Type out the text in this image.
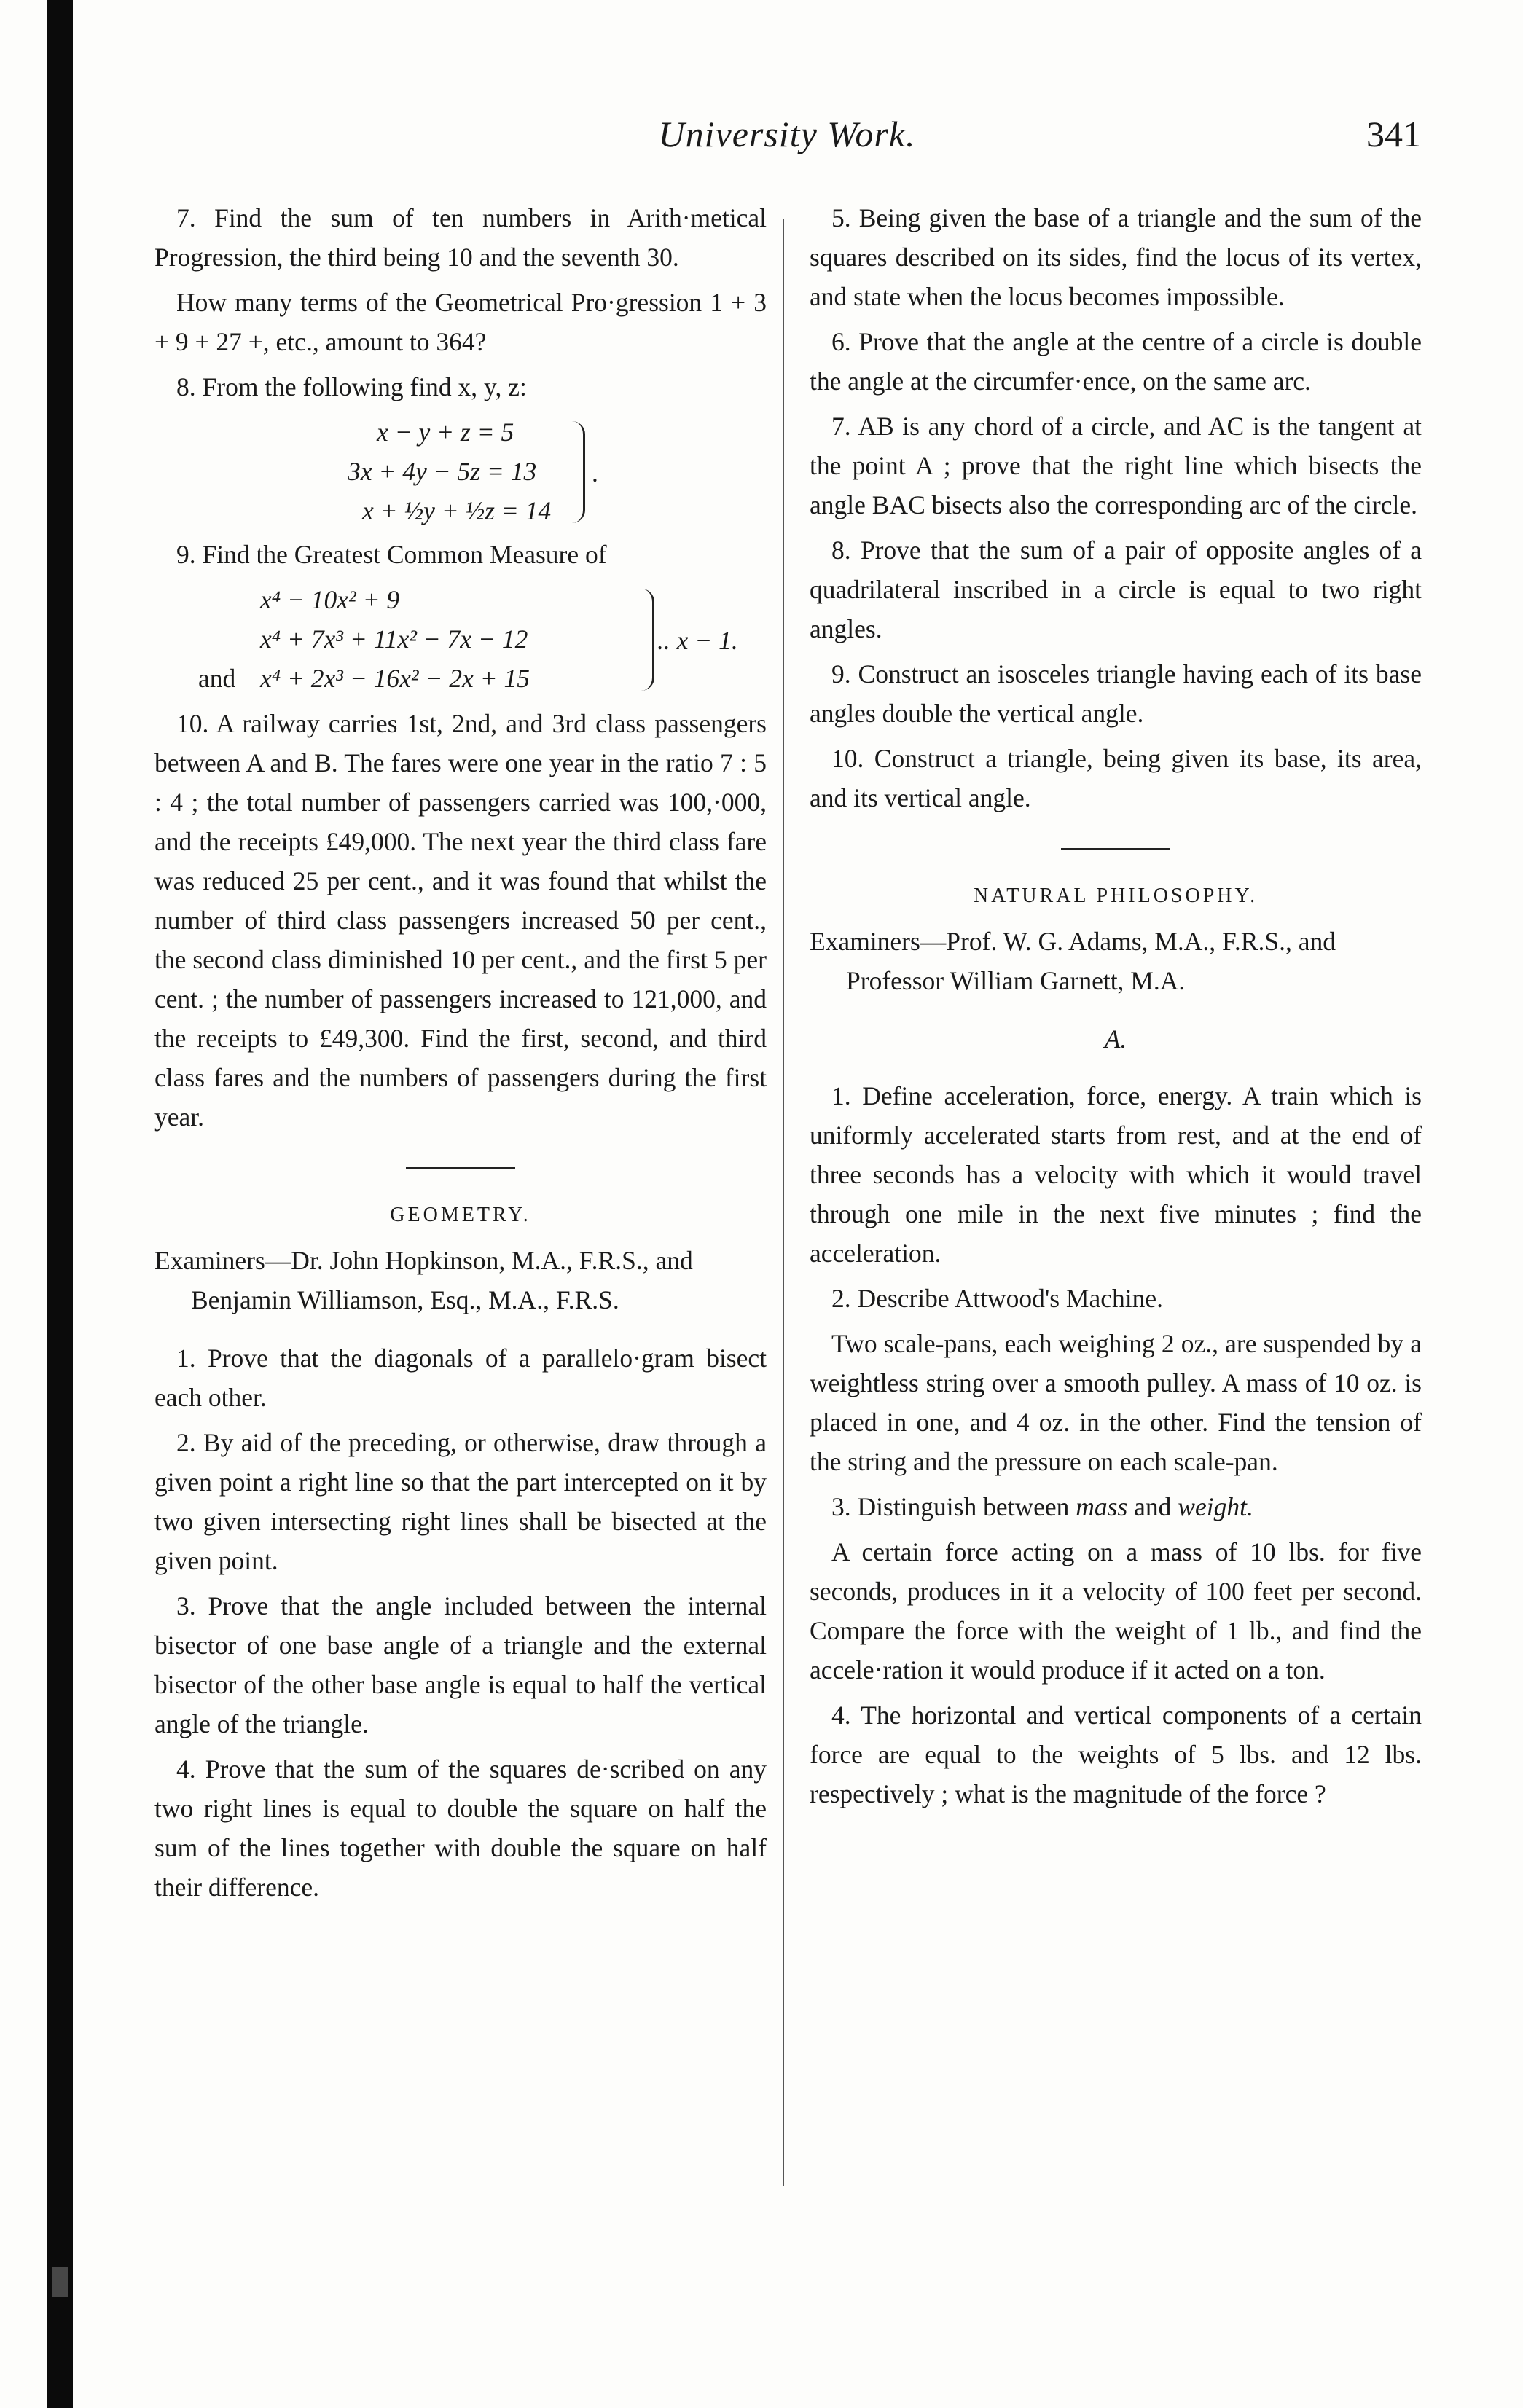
University Work.	341

7. Find the sum of ten numbers in Arith·metical Progression, the third being 10 and the seventh 30.

How many terms of the Geometrical Pro·gression 1 + 3 + 9 + 27 +, etc., amount to 364?

8. From the following find x, y, z:

x − y + z = 5
3x + 4y − 5z = 13
x + ½y + ½z = 14
.

9. Find the Greatest Common Measure of

x⁴ − 10x² + 9
x⁴ + 7x³ + 11x² − 7x − 12
and x⁴ + 2x³ − 16x² − 2x + 15
.. x − 1.

10. A railway carries 1st, 2nd, and 3rd class passengers between A and B. The fares were one year in the ratio 7 : 5 : 4 ; the total number of passengers carried was 100,·000, and the receipts £49,000. The next year the third class fare was reduced 25 per cent., and it was found that whilst the number of third class passengers increased 50 per cent., the second class diminished 10 per cent., and the first 5 per cent. ; the number of passengers increased to 121,000, and the receipts to £49,300. Find the first, second, and third class fares and the numbers of passengers during the first year.

GEOMETRY.

Examiners—Dr. John Hopkinson, M.A., F.R.S., and Benjamin Williamson, Esq., M.A., F.R.S.

1. Prove that the diagonals of a parallelo·gram bisect each other.

2. By aid of the preceding, or otherwise, draw through a given point a right line so that the part intercepted on it by two given intersecting right lines shall be bisected at the given point.

3. Prove that the angle included between the internal bisector of one base angle of a triangle and the external bisector of the other base angle is equal to half the vertical angle of the triangle.

4. Prove that the sum of the squares de·scribed on any two right lines is equal to double the square on half the sum of the lines together with double the square on half their difference.

5. Being given the base of a triangle and the sum of the squares described on its sides, find the locus of its vertex, and state when the locus becomes impossible.

6. Prove that the angle at the centre of a circle is double the angle at the circumfer·ence, on the same arc.

7. AB is any chord of a circle, and AC is the tangent at the point A ; prove that the right line which bisects the angle BAC bisects also the corresponding arc of the circle.

8. Prove that the sum of a pair of opposite angles of a quadrilateral inscribed in a circle is equal to two right angles.

9. Construct an isosceles triangle having each of its base angles double the vertical angle.

10. Construct a triangle, being given its base, its area, and its vertical angle.

NATURAL PHILOSOPHY.

Examiners—Prof. W. G. Adams, M.A., F.R.S., and Professor William Garnett, M.A.

A.

1. Define acceleration, force, energy. A train which is uniformly accelerated starts from rest, and at the end of three seconds has a velocity with which it would travel through one mile in the next five minutes ; find the acceleration.

2. Describe Attwood's Machine.

Two scale-pans, each weighing 2 oz., are suspended by a weightless string over a smooth pulley. A mass of 10 oz. is placed in one, and 4 oz. in the other. Find the tension of the string and the pressure on each scale-pan.

3. Distinguish between mass and weight.

A certain force acting on a mass of 10 lbs. for five seconds, produces in it a velocity of 100 feet per second. Compare the force with the weight of 1 lb., and find the accele·ration it would produce if it acted on a ton.

4. The horizontal and vertical components of a certain force are equal to the weights of 5 lbs. and 12 lbs. respectively ; what is the magnitude of the force ?
